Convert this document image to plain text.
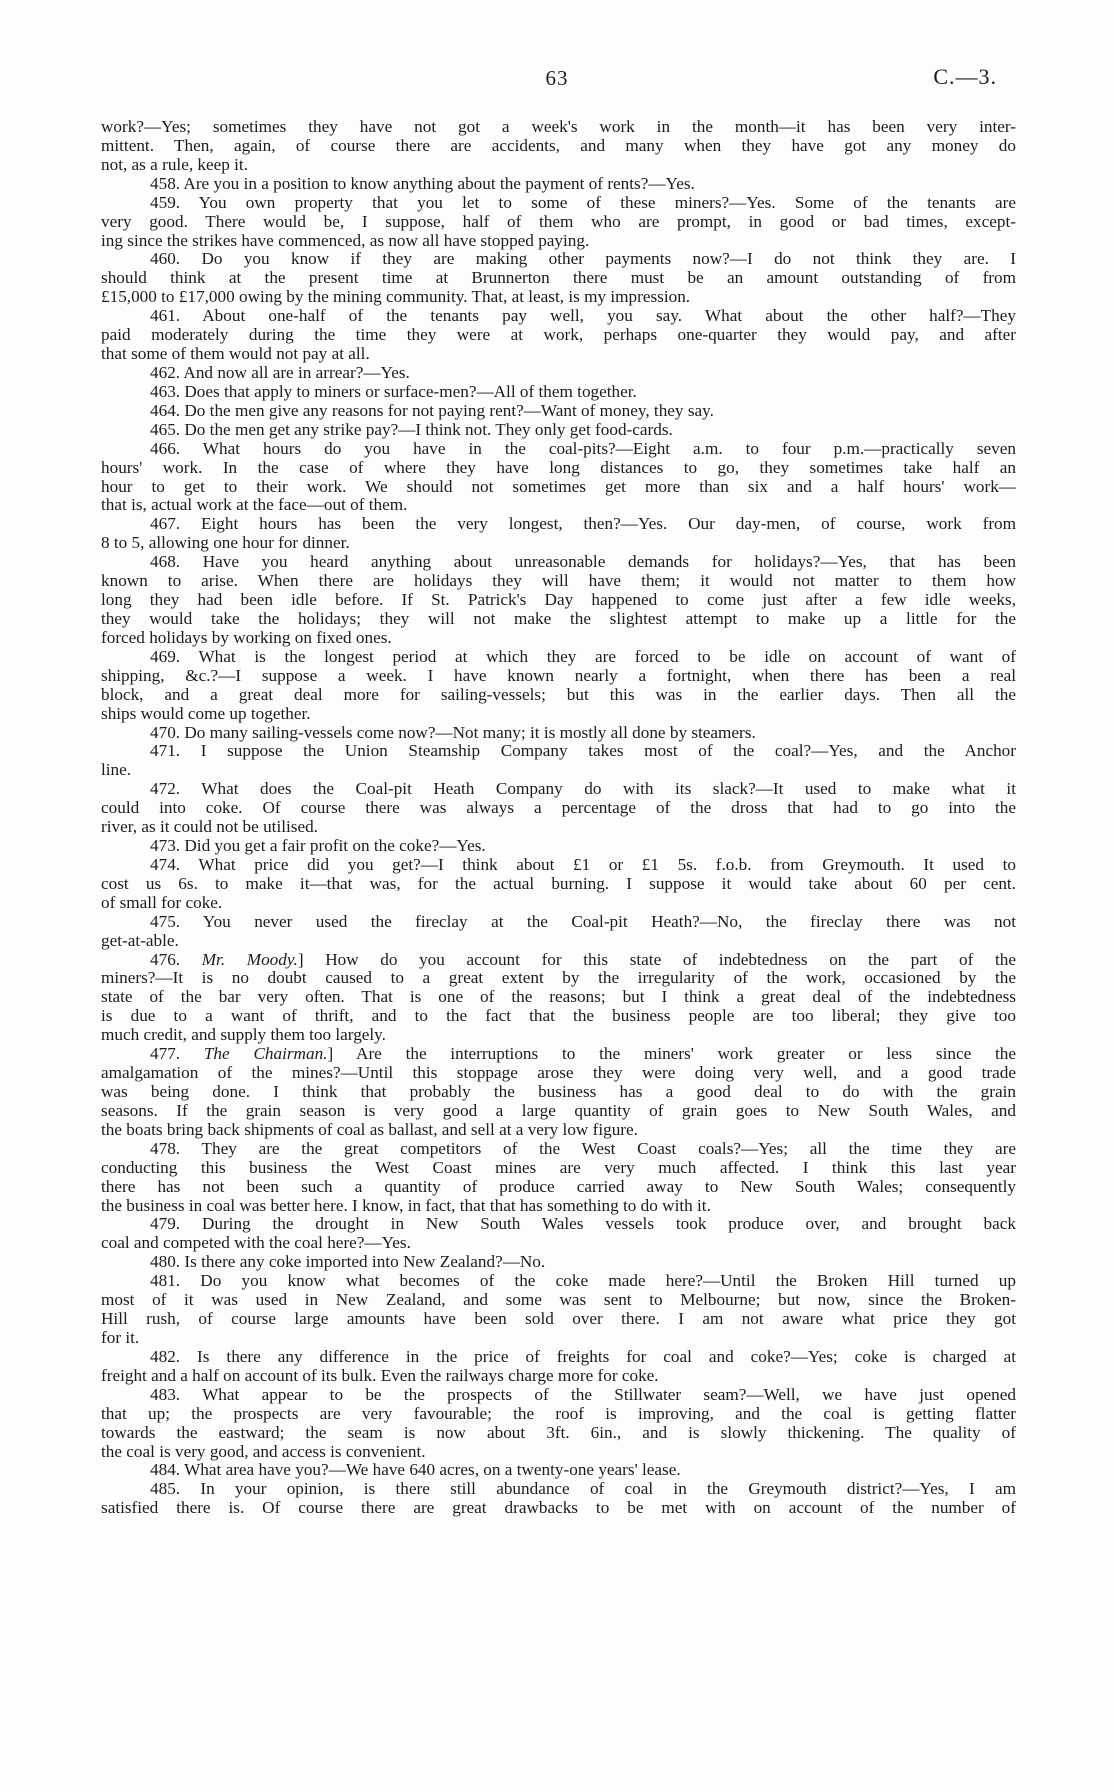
63	C.—3.

work?—Yes; sometimes they have not got a week's work in the month—it has been very inter-
mittent. Then, again, of course there are accidents, and many when they have got any money do
not, as a rule, keep it.

458. Are you in a position to know anything about the payment of rents?—Yes.

459. You own property that you let to some of these miners?—Yes. Some of the tenants are
very good. There would be, I suppose, half of them who are prompt, in good or bad times, except-
ing since the strikes have commenced, as now all have stopped paying.

460. Do you know if they are making other payments now?—I do not think they are. I
should think at the present time at Brunnerton there must be an amount outstanding of from
£15,000 to £17,000 owing by the mining community. That, at least, is my impression.

461. About one-half of the tenants pay well, you say. What about the other half?—They
paid moderately during the time they were at work, perhaps one-quarter they would pay, and after
that some of them would not pay at all.

462. And now all are in arrear?—Yes.

463. Does that apply to miners or surface-men?—All of them together.

464. Do the men give any reasons for not paying rent?—Want of money, they say.

465. Do the men get any strike pay?—I think not. They only get food-cards.

466. What hours do you have in the coal-pits?—Eight a.m. to four p.m.—practically seven
hours' work. In the case of where they have long distances to go, they sometimes take half an
hour to get to their work. We should not sometimes get more than six and a half hours' work—
that is, actual work at the face—out of them.

467. Eight hours has been the very longest, then?—Yes. Our day-men, of course, work from
8 to 5, allowing one hour for dinner.

468. Have you heard anything about unreasonable demands for holidays?—Yes, that has been
known to arise. When there are holidays they will have them; it would not matter to them how
long they had been idle before. If St. Patrick's Day happened to come just after a few idle weeks,
they would take the holidays; they will not make the slightest attempt to make up a little for the
forced holidays by working on fixed ones.

469. What is the longest period at which they are forced to be idle on account of want of
shipping, &c.?—I suppose a week. I have known nearly a fortnight, when there has been a real
block, and a great deal more for sailing-vessels; but this was in the earlier days. Then all the
ships would come up together.

470. Do many sailing-vessels come now?—Not many; it is mostly all done by steamers.

471. I suppose the Union Steamship Company takes most of the coal?—Yes, and the Anchor
line.

472. What does the Coal-pit Heath Company do with its slack?—It used to make what it
could into coke. Of course there was always a percentage of the dross that had to go into the
river, as it could not be utilised.

473. Did you get a fair profit on the coke?—Yes.

474. What price did you get?—I think about £1 or £1 5s. f.o.b. from Greymouth. It used to
cost us 6s. to make it—that was, for the actual burning. I suppose it would take about 60 per cent.
of small for coke.

475. You never used the fireclay at the Coal-pit Heath?—No, the fireclay there was not
get-at-able.

476. Mr. Moody.] How do you account for this state of indebtedness on the part of the
miners?—It is no doubt caused to a great extent by the irregularity of the work, occasioned by the
state of the bar very often. That is one of the reasons; but I think a great deal of the indebtedness
is due to a want of thrift, and to the fact that the business people are too liberal; they give too
much credit, and supply them too largely.

477. The Chairman.] Are the interruptions to the miners' work greater or less since the
amalgamation of the mines?—Until this stoppage arose they were doing very well, and a good trade
was being done. I think that probably the business has a good deal to do with the grain
seasons. If the grain season is very good a large quantity of grain goes to New South Wales, and
the boats bring back shipments of coal as ballast, and sell at a very low figure.

478. They are the great competitors of the West Coast coals?—Yes; all the time they are
conducting this business the West Coast mines are very much affected. I think this last year
there has not been such a quantity of produce carried away to New South Wales; consequently
the business in coal was better here. I know, in fact, that that has something to do with it.

479. During the drought in New South Wales vessels took produce over, and brought back
coal and competed with the coal here?—Yes.

480. Is there any coke imported into New Zealand?—No.

481. Do you know what becomes of the coke made here?—Until the Broken Hill turned up
most of it was used in New Zealand, and some was sent to Melbourne; but now, since the Broken-
Hill rush, of course large amounts have been sold over there. I am not aware what price they got
for it.

482. Is there any difference in the price of freights for coal and coke?—Yes; coke is charged at
freight and a half on account of its bulk. Even the railways charge more for coke.

483. What appear to be the prospects of the Stillwater seam?—Well, we have just opened
that up; the prospects are very favourable; the roof is improving, and the coal is getting flatter
towards the eastward; the seam is now about 3ft. 6in., and is slowly thickening. The quality of
the coal is very good, and access is convenient.

484. What area have you?—We have 640 acres, on a twenty-one years' lease.

485. In your opinion, is there still abundance of coal in the Greymouth district?—Yes, I am
satisfied there is. Of course there are great drawbacks to be met with on account of the number of
